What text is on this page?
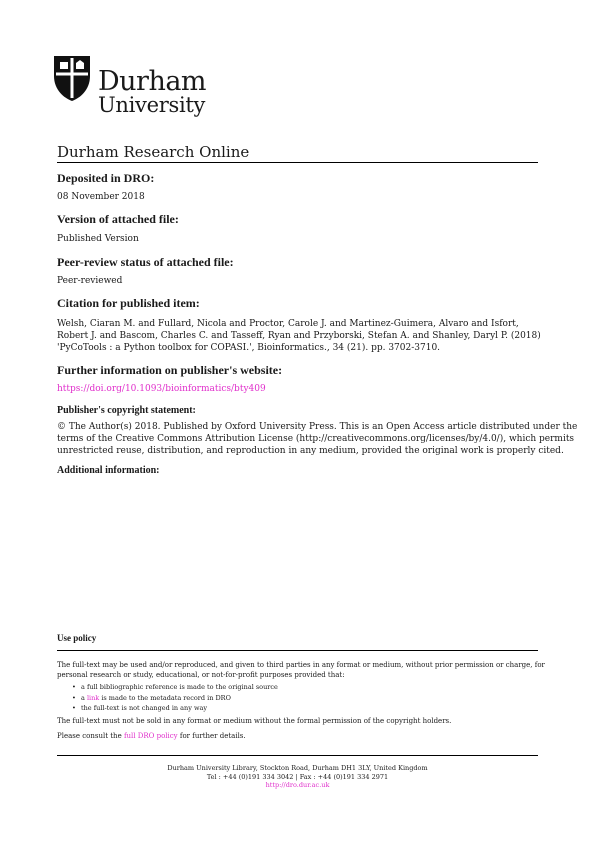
Durham
University
Durham Research Online
Deposited in DRO:
08 November 2018
Version of attached file:
Published Version
Peer-review status of attached file:
Peer-reviewed
Citation for published item:
Welsh, Ciaran M. and Fullard, Nicola and Proctor, Carole J. and Martinez-Guimera, Alvaro and Isfort,
Robert J. and Bascom, Charles C. and Tasseff, Ryan and Przyborski, Stefan A. and Shanley, Daryl P. (2018)
'PyCoTools : a Python toolbox for COPASI.', Bioinformatics., 34 (21). pp. 3702-3710.
Further information on publisher's website:
https://doi.org/10.1093/bioinformatics/bty409
Publisher's copyright statement:
© The Author(s) 2018. Published by Oxford University Press. This is an Open Access article distributed under the
terms of the Creative Commons Attribution License (http://creativecommons.org/licenses/by/4.0/), which permits
unrestricted reuse, distribution, and reproduction in any medium, provided the original work is properly cited.
Additional information:
Use policy
The full-text may be used and/or reproduced, and given to third parties in any format or medium, without prior permission or charge, for
personal research or study, educational, or not-for-profit purposes provided that:
• a full bibliographic reference is made to the original source
• a link is made to the metadata record in DRO
• the full-text is not changed in any way
The full-text must not be sold in any format or medium without the formal permission of the copyright holders.
Please consult the full DRO policy for further details.
Durham University Library, Stockton Road, Durham DH1 3LY, United Kingdom
Tel : +44 (0)191 334 3042 | Fax : +44 (0)191 334 2971
http://dro.dur.ac.uk
